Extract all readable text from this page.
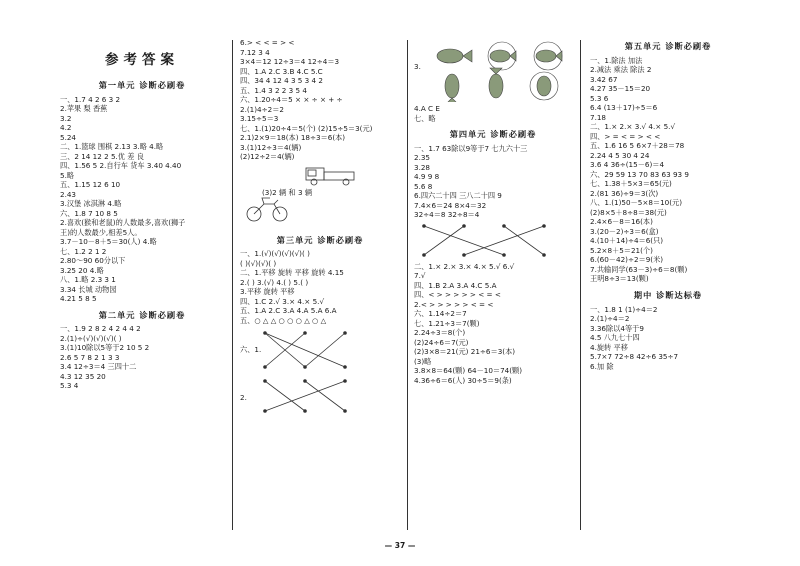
参考答案
第一单元 诊断必刷卷
一、1.7 4 2 6 3 2
2.苹果 梨 香蕉
3.2
4.2
5.24
二、1.篮球 围棋 2.13 3.略 4.略
三、2 14 12 2 5.优 差 良
四、1.56 5 2.自行车 货车 3.40 4.40
5.略
五、1.15 12 6 10
2.43
3.汉堡 冰淇淋 4.略
六、1.8 7 10 8 5
2.喜欢(猴和老鼠)的人数最多,喜欢(狮子
王)的人数最少,相差5人。
3.7－10－8＋5＝30(人) 4.略
七、1.2 2 1 2
2.80～90 60分以下
3.25 20 4.略
八、1.略 2.3 3 1
3.34 长城 动物园
4.21 5 8 5
第二单元 诊断必刷卷
一、1.9 2 8 2 4 2 4 4 2
2.(1)÷(√)(√)(√)( )
3.(1)10除以5等于2 10 5 2
2.6 5 7 8 2 1 3 3
3.4 12÷3＝4 三四十二
4.3 12 35 20
5.3 4
6.> < < = > <
7.12 3 4
3×4＝12 12÷3＝4 12÷4＝3
四、1.A 2.C 3.B 4.C 5.C
四、34 4 12 4 3 5 3 4 2
五、1.4 3 2 2 3 5 4
六、1.20÷4＝5 × × ÷ × + ÷
2.(1)4÷2＝2
3.15÷5＝3
七、1.(1)20÷4＝5(个) (2)15÷5＝3(元)
2.1)2×9＝18(本) 18÷3＝6(本)
3.(1)12÷3＝4(辆)
(2)12÷2＝4(辆)
(3)2 辆 和 3 辆
第三单元 诊断必刷卷
一、1.(√)(√)(√)(√)( )
( )(√)(√)( )
二、1.平移 旋转 平移 旋转 4.15
2.( ) 3.(√) 4.( ) 5.( )
3.平移 旋转 平移
四、1.C 2.√ 3.× 4.× 5.√
五、1.A 2.C 3.A 4.A 5.A 6.A
五、○ △ △ ○ ○ ○ △ ○ △
六、1.
2.
3.
4.A C E
七、略
第四单元 诊断必刷卷
一、1.7 63除以9等于7 七九六十三
2.35
3.28
4.9 9 8
5.6 8
6.四六二十四 三八二十四 9
7.4×6＝24 8×4＝32
32÷4＝8 32÷8＝4
二、1.× 2.× 3.× 4.× 5.√ 6.√
7.√
四、1.B 2.A 3.A 4.C 5.A
四、< > > > > > < = <
2.< > > > > > < = <
六、1.14÷2＝7
七、1.21÷3＝7(颗)
2.24÷3＝8(个)
(2)24÷6＝7(元)
(2)3×8＝21(元) 21÷6＝3(本)
(3)略
3.8×8＝64(颗) 64－10＝74(颗)
4.36÷6＝6(人) 30÷5＝9(条)
第五单元 诊断必刷卷
一、1.除法 加法
2.减法 乘法 除法 2
3.42 67
4.27 35－15＝20
5.3 6
6.4 (13＋17)÷5＝6
7.18
二、1.× 2.× 3.√ 4.× 5.√
四、> = < = > < <
五、1.6 16 5 6×7＋28＝78
2.24 4 5 30 4 24
3.6 4 36÷(15－6)＝4
六、29 59 13 70 83 63 93 9
七、1.38＋5×3＝65(元)
2.(81 36)÷9＝3(次)
八、1.(1)50－5×8＝10(元)
(2)8×5＋8÷8＝38(元)
2.4×6－8＝16(本)
3.(20－2)÷3＝6(盒)
4.(10＋14)÷4＝6(只)
5.2×8＋5＝21(个)
6.(60－42)÷2＝9(米)
7.共输同学(63－3)÷6＝8(颗)
王明8÷3＝13(颗)
期中 诊断达标卷
一、1.8 1 (1)÷4＝2
2.(1)÷4＝2
3.36除以4等于9
4.5 八九七十四
4.旋转 平移
5.7×7 72÷8 42÷6 35÷7
6.加 除
— 37 —
